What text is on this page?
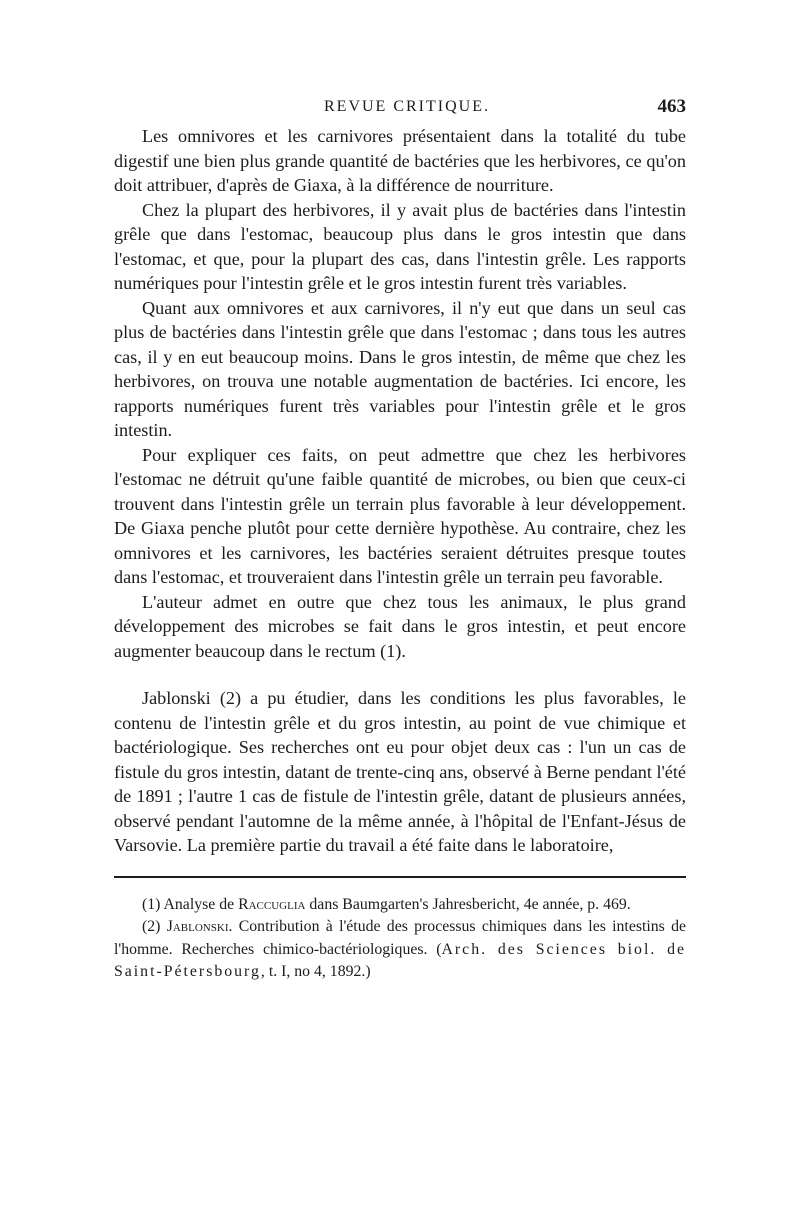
REVUE CRITIQUE.	463

Les omnivores et les carnivores présentaient dans la totalité du tube digestif une bien plus grande quantité de bactéries que les herbivores, ce qu'on doit attribuer, d'après de Giaxa, à la différence de nourriture.

Chez la plupart des herbivores, il y avait plus de bactéries dans l'intestin grêle que dans l'estomac, beaucoup plus dans le gros intestin que dans l'estomac, et que, pour la plupart des cas, dans l'intestin grêle. Les rapports numériques pour l'intestin grêle et le gros intestin furent très variables.

Quant aux omnivores et aux carnivores, il n'y eut que dans un seul cas plus de bactéries dans l'intestin grêle que dans l'estomac ; dans tous les autres cas, il y en eut beaucoup moins. Dans le gros intestin, de même que chez les herbivores, on trouva une notable augmentation de bactéries. Ici encore, les rapports numériques furent très variables pour l'intestin grêle et le gros intestin.

Pour expliquer ces faits, on peut admettre que chez les herbivores l'estomac ne détruit qu'une faible quantité de microbes, ou bien que ceux-ci trouvent dans l'intestin grêle un terrain plus favorable à leur développement. De Giaxa penche plutôt pour cette dernière hypothèse. Au contraire, chez les omnivores et les carnivores, les bactéries seraient détruites presque toutes dans l'estomac, et trouveraient dans l'intestin grêle un terrain peu favorable.

L'auteur admet en outre que chez tous les animaux, le plus grand développement des microbes se fait dans le gros intestin, et peut encore augmenter beaucoup dans le rectum (1).

Jablonski (2) a pu étudier, dans les conditions les plus favorables, le contenu de l'intestin grêle et du gros intestin, au point de vue chimique et bactériologique. Ses recherches ont eu pour objet deux cas : l'un un cas de fistule du gros intestin, datant de trente-cinq ans, observé à Berne pendant l'été de 1891 ; l'autre 1 cas de fistule de l'intestin grêle, datant de plusieurs années, observé pendant l'automne de la même année, à l'hôpital de l'Enfant-Jésus de Varsovie. La première partie du travail a été faite dans le laboratoire,

(1) Analyse de Raccuglia dans Baumgarten's Jahresbericht, 4e année, p. 469.

(2) Jablonski. Contribution à l'étude des processus chimiques dans les intestins de l'homme. Recherches chimico-bactériologiques. (Arch. des Sciences biol. de Saint-Pétersbourg, t. I, no 4, 1892.)
